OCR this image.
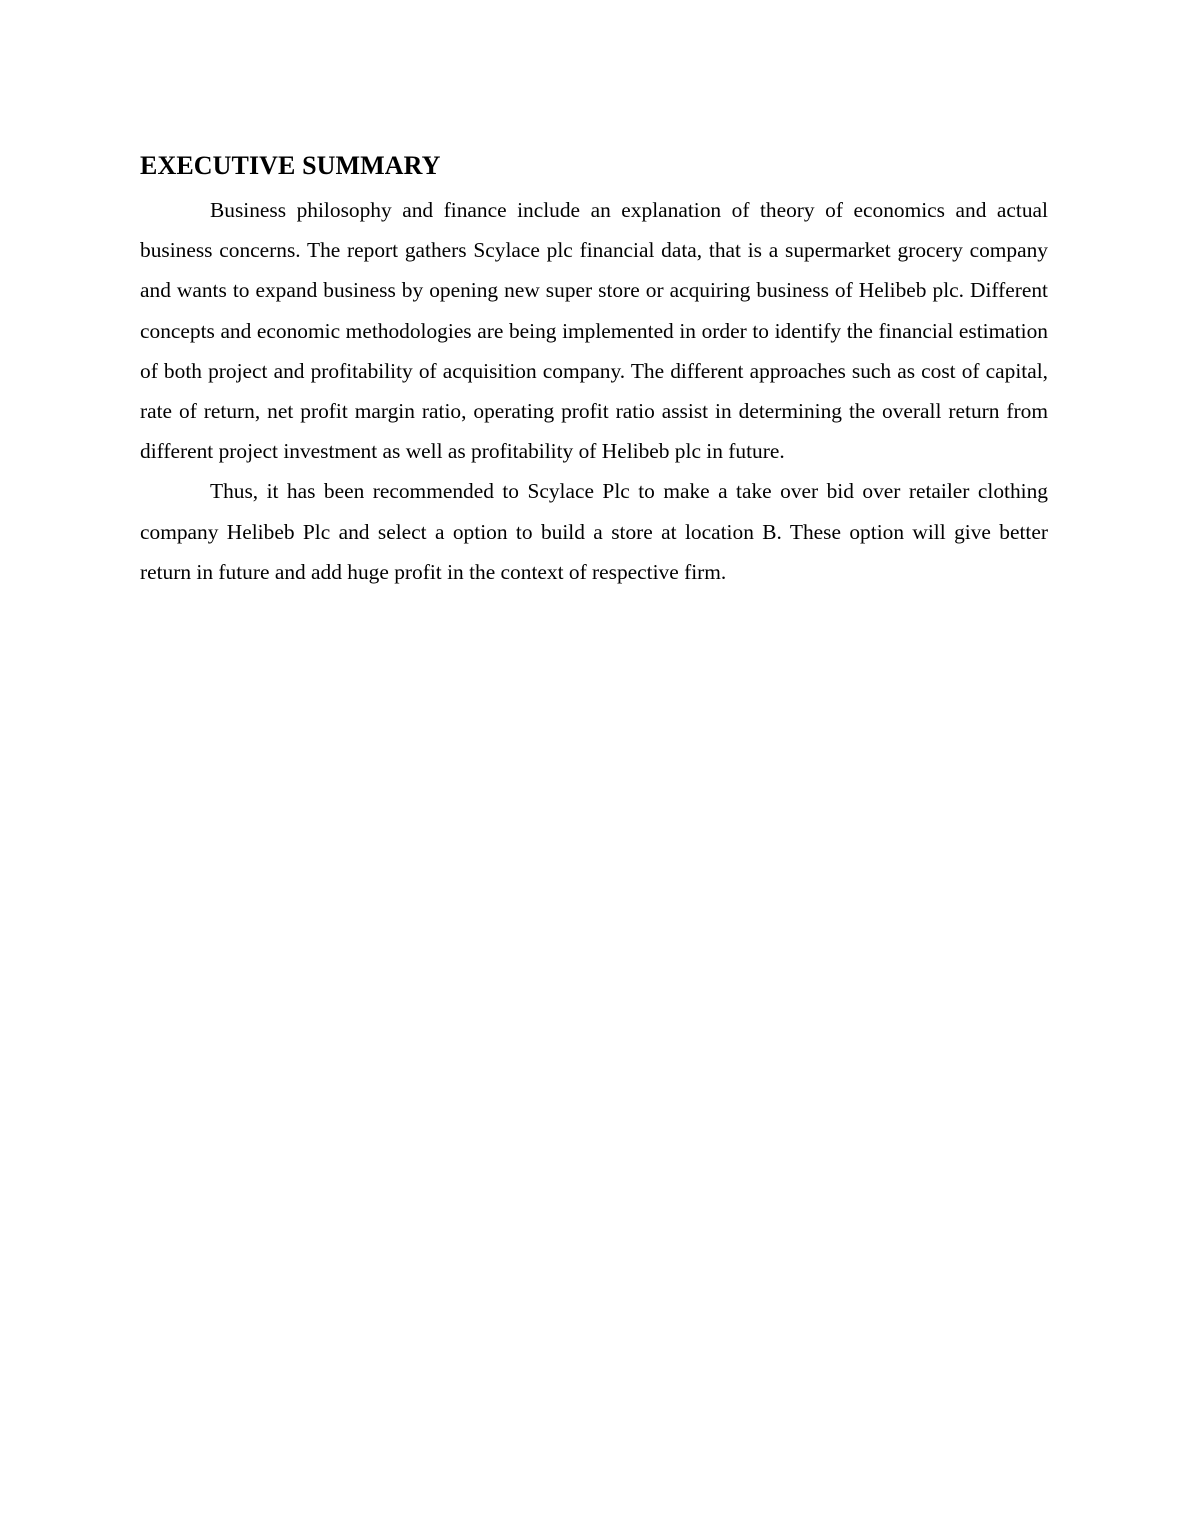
EXECUTIVE SUMMARY

Business philosophy and finance include an explanation of theory of economics and actual business concerns. The report gathers Scylace plc financial data, that is a supermarket grocery company and wants to expand business by opening new super store or acquiring business of Helibeb plc. Different concepts and economic methodologies are being implemented in order to identify the financial estimation of both project and profitability of acquisition company. The different approaches such as cost of capital, rate of return, net profit margin ratio, operating profit ratio assist in determining the overall return from different project investment as well as profitability of Helibeb plc in future.

Thus, it has been recommended to Scylace Plc to make a take over bid over retailer clothing company Helibeb Plc and select a option to build a store at location B. These option will give better return in future and add huge profit in the context of respective firm.
